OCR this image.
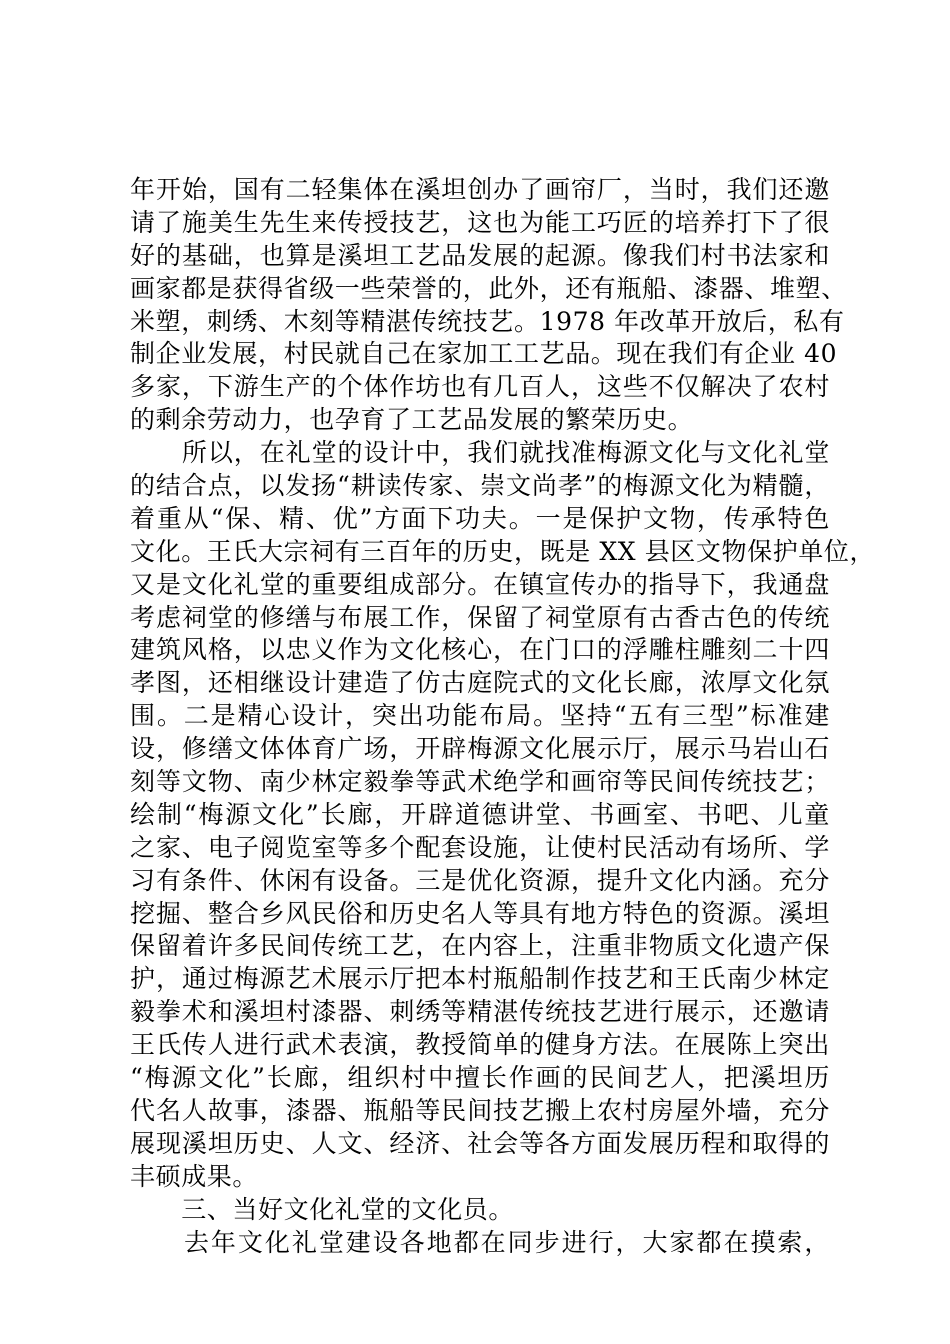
年开始，国有二轻集体在溪坦创办了画帘厂，当时，我们还邀
请了施美生先生来传授技艺，这也为能工巧匠的培养打下了很
好的基础，也算是溪坦工艺品发展的起源。像我们村书法家和
画家都是获得省级一些荣誉的，此外，还有瓶船、漆器、堆塑、
米塑，刺绣、木刻等精湛传统技艺。1978 年改革开放后，私有
制企业发展，村民就自己在家加工工艺品。现在我们有企业 40
多家，下游生产的个体作坊也有几百人，这些不仅解决了农村
的剩余劳动力，也孕育了工艺品发展的繁荣历史。
　　所以，在礼堂的设计中，我们就找准梅源文化与文化礼堂
的结合点，以发扬“耕读传家、崇文尚孝”的梅源文化为精髓，
着重从“保、精、优”方面下功夫。一是保护文物，传承特色
文化。王氏大宗祠有三百年的历史，既是 XX 县区文物保护单位，
又是文化礼堂的重要组成部分。在镇宣传办的指导下，我通盘
考虑祠堂的修缮与布展工作，保留了祠堂原有古香古色的传统
建筑风格，以忠义作为文化核心，在门口的浮雕柱雕刻二十四
孝图，还相继设计建造了仿古庭院式的文化长廊，浓厚文化氛
围。二是精心设计，突出功能布局。坚持“五有三型”标准建
设，修缮文体体育广场，开辟梅源文化展示厅，展示马岩山石
刻等文物、南少林定毅拳等武术绝学和画帘等民间传统技艺；
绘制“梅源文化”长廊，开辟道德讲堂、书画室、书吧、儿童
之家、电子阅览室等多个配套设施，让使村民活动有场所、学
习有条件、休闲有设备。三是优化资源，提升文化内涵。充分
挖掘、整合乡风民俗和历史名人等具有地方特色的资源。溪坦
保留着许多民间传统工艺，在内容上，注重非物质文化遗产保
护，通过梅源艺术展示厅把本村瓶船制作技艺和王氏南少林定
毅拳术和溪坦村漆器、刺绣等精湛传统技艺进行展示，还邀请
王氏传人进行武术表演，教授简单的健身方法。在展陈上突出
“梅源文化”长廊，组织村中擅长作画的民间艺人，把溪坦历
代名人故事，漆器、瓶船等民间技艺搬上农村房屋外墙，充分
展现溪坦历史、人文、经济、社会等各方面发展历程和取得的
丰硕成果。
　　三、当好文化礼堂的文化员。
　　去年文化礼堂建设各地都在同步进行，大家都在摸索，
